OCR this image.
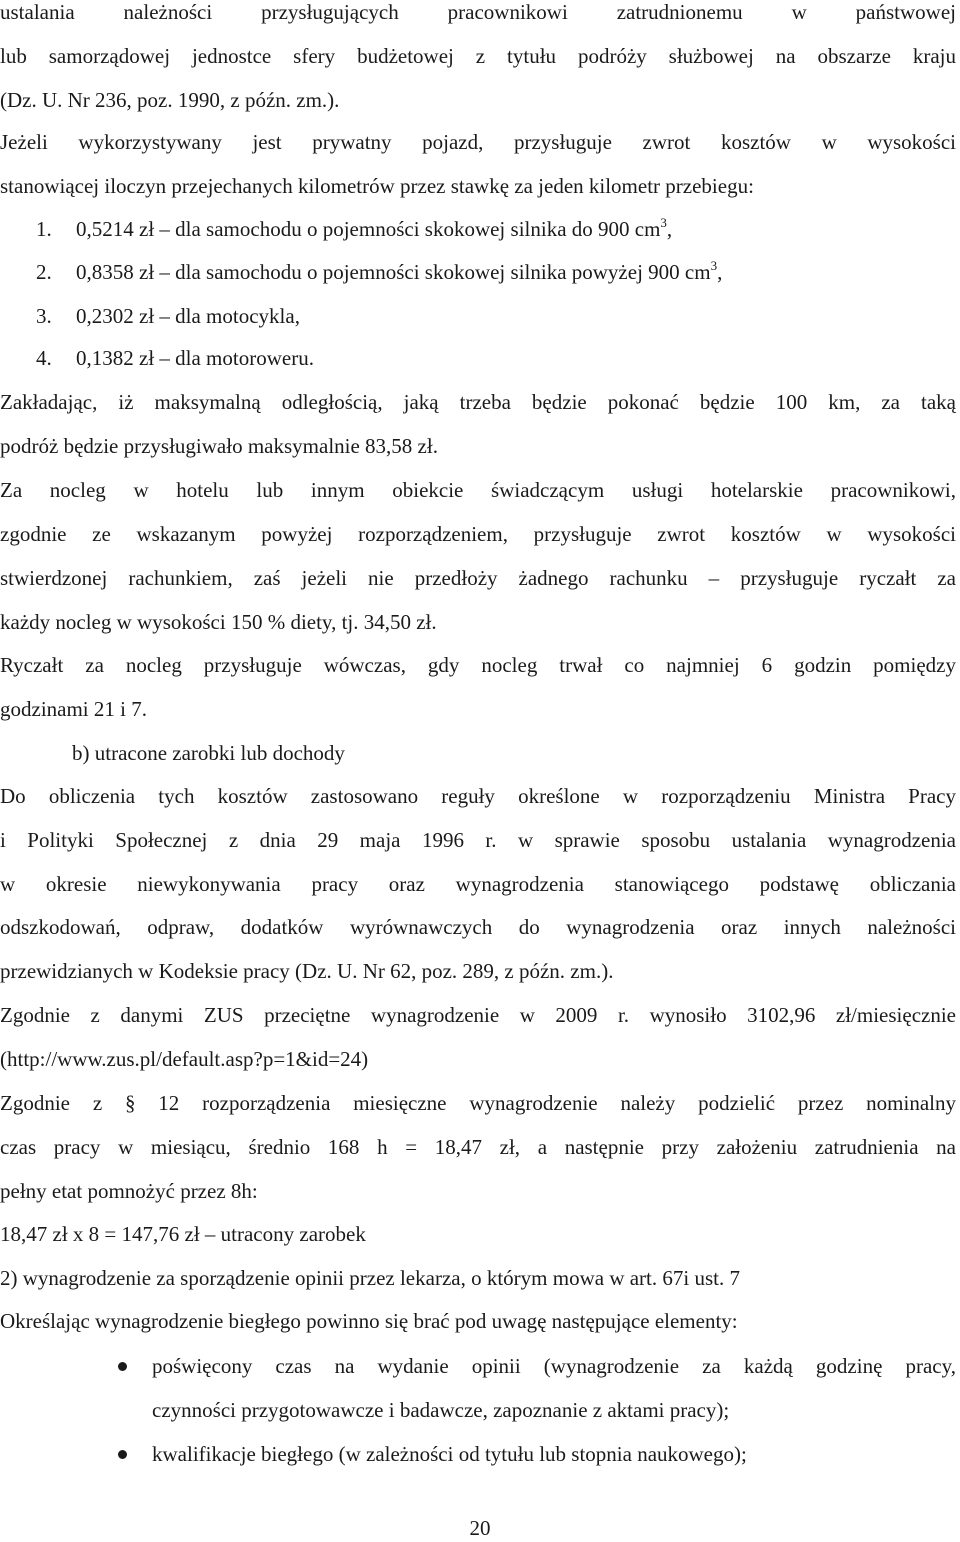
ustalania należności przysługujących pracownikowi zatrudnionemu w państwowej
lub samorządowej jednostce sfery budżetowej z tytułu podróży służbowej na obszarze kraju
(Dz. U. Nr 236, poz. 1990, z późn. zm.).
Jeżeli wykorzystywany jest prywatny pojazd, przysługuje zwrot kosztów w wysokości
stanowiącej iloczyn przejechanych kilometrów przez stawkę za jeden kilometr przebiegu:
1.	0,5214 zł – dla samochodu o pojemności skokowej silnika do 900 $cm^3$,
2.	0,8358 zł – dla samochodu o pojemności skokowej silnika powyżej 900 $cm^3$,
3.	0,2302 zł – dla motocykla,
4.	0,1382 zł – dla motoroweru.
Zakładając, iż maksymalną odległością, jaką trzeba będzie pokonać będzie 100 km, za taką
podróż będzie przysługiwało maksymalnie 83,58 zł.
Za nocleg w hotelu lub innym obiekcie świadczącym usługi hotelarskie pracownikowi,
zgodnie ze wskazanym powyżej rozporządzeniem, przysługuje zwrot kosztów w wysokości
stwierdzonej rachunkiem, zaś jeżeli nie przedłoży żadnego rachunku – przysługuje ryczałt za
każdy nocleg w wysokości 150 % diety, tj. 34,50 zł.
Ryczałt za nocleg przysługuje wówczas, gdy nocleg trwał co najmniej 6 godzin pomiędzy
godzinami 21 i 7.
b) utracone zarobki lub dochody
Do obliczenia tych kosztów zastosowano reguły określone w rozporządzeniu Ministra Pracy
i Polityki Społecznej z dnia 29 maja 1996 r. w sprawie sposobu ustalania wynagrodzenia
w okresie niewykonywania pracy oraz wynagrodzenia stanowiącego podstawę obliczania
odszkodowań, odpraw, dodatków wyrównawczych do wynagrodzenia oraz innych należności
przewidzianych w Kodeksie pracy (Dz. U. Nr 62, poz. 289, z późn. zm.).
Zgodnie z danymi ZUS przeciętne wynagrodzenie w 2009 r. wynosiło 3102,96 zł/miesięcznie
(http://www.zus.pl/default.asp?p=1&id=24)
Zgodnie z § 12 rozporządzenia miesięczne wynagrodzenie należy podzielić przez nominalny
czas pracy w miesiącu, średnio 168 h = 18,47 zł, a następnie przy założeniu zatrudnienia na
pełny etat pomnożyć przez 8h:
18,47 zł x 8 = 147,76 zł – utracony zarobek
2) wynagrodzenie za sporządzenie opinii przez lekarza, o którym mowa w art. 67i ust. 7
Określając wynagrodzenie biegłego powinno się brać pod uwagę następujące elementy:
poświęcony czas na wydanie opinii (wynagrodzenie za każdą godzinę pracy,
czynności przygotowawcze i badawcze, zapoznanie z aktami pracy);
kwalifikacje biegłego (w zależności od tytułu lub stopnia naukowego);
20
